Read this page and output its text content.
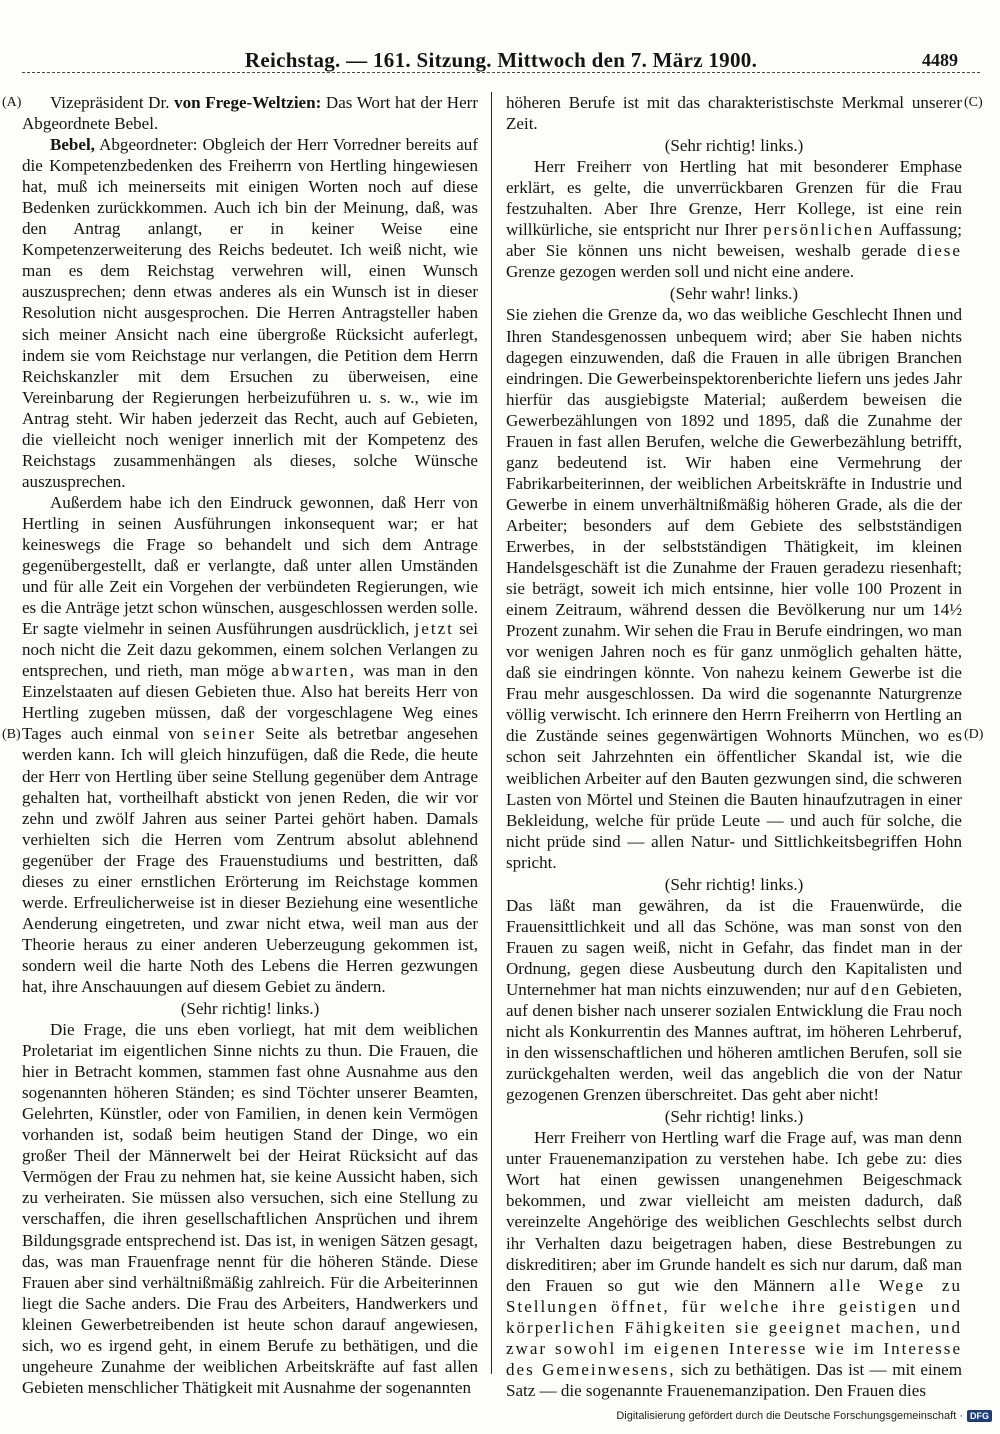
Reichstag. — 161. Sitzung. Mittwoch den 7. März 1900.	4489
(A)
(B)
(C)
(D)

Vizepräsident Dr. von Frege-Weltzien: Das Wort hat der Herr Abgeordnete Bebel.

Bebel, Abgeordneter: Obgleich der Herr Vorredner bereits auf die Kompetenzbedenken des Freiherrn von Hertling hingewiesen hat, muß ich meinerseits mit einigen Worten noch auf diese Bedenken zurückkommen. Auch ich bin der Meinung, daß, was den Antrag anlangt, er in keiner Weise eine Kompetenzerweiterung des Reichs bedeutet. Ich weiß nicht, wie man es dem Reichstag verwehren will, einen Wunsch auszusprechen; denn etwas anderes als ein Wunsch ist in dieser Resolution nicht ausgesprochen. Die Herren Antragsteller haben sich meiner Ansicht nach eine übergroße Rücksicht auferlegt, indem sie vom Reichstage nur verlangen, die Petition dem Herrn Reichskanzler mit dem Ersuchen zu überweisen, eine Vereinbarung der Regierungen herbeizuführen u. s. w., wie im Antrag steht. Wir haben jederzeit das Recht, auch auf Gebieten, die vielleicht noch weniger innerlich mit der Kompetenz des Reichstags zusammenhängen als dieses, solche Wünsche auszusprechen.

Außerdem habe ich den Eindruck gewonnen, daß Herr von Hertling in seinen Ausführungen inkonsequent war; er hat keineswegs die Frage so behandelt und sich dem Antrage gegenübergestellt, daß er verlangte, daß unter allen Umständen und für alle Zeit ein Vorgehen der verbündeten Regierungen, wie es die Anträge jetzt schon wünschen, ausgeschlossen werden solle. Er sagte vielmehr in seinen Ausführungen ausdrücklich, jetzt sei noch nicht die Zeit dazu gekommen, einem solchen Verlangen zu entsprechen, und rieth, man möge abwarten, was man in den Einzelstaaten auf diesen Gebieten thue. Also hat bereits Herr von Hertling zugeben müssen, daß der vorgeschlagene Weg eines Tages auch einmal von seiner Seite als betretbar angesehen werden kann. Ich will gleich hinzufügen, daß die Rede, die heute der Herr von Hertling über seine Stellung gegenüber dem Antrage gehalten hat, vortheilhaft abstickt von jenen Reden, die wir vor zehn und zwölf Jahren aus seiner Partei gehört haben. Damals verhielten sich die Herren vom Zentrum absolut ablehnend gegenüber der Frage des Frauenstudiums und bestritten, daß dieses zu einer ernstlichen Erörterung im Reichstage kommen werde. Erfreulicherweise ist in dieser Beziehung eine wesentliche Aenderung eingetreten, und zwar nicht etwa, weil man aus der Theorie heraus zu einer anderen Ueberzeugung gekommen ist, sondern weil die harte Noth des Lebens die Herren gezwungen hat, ihre Anschauungen auf diesem Gebiet zu ändern.

(Sehr richtig! links.)

Die Frage, die uns eben vorliegt, hat mit dem weiblichen Proletariat im eigentlichen Sinne nichts zu thun. Die Frauen, die hier in Betracht kommen, stammen fast ohne Ausnahme aus den sogenannten höheren Ständen; es sind Töchter unserer Beamten, Gelehrten, Künstler, oder von Familien, in denen kein Vermögen vorhanden ist, sodaß beim heutigen Stand der Dinge, wo ein großer Theil der Männerwelt bei der Heirat Rücksicht auf das Vermögen der Frau zu nehmen hat, sie keine Aussicht haben, sich zu verheiraten. Sie müssen also versuchen, sich eine Stellung zu verschaffen, die ihren gesellschaftlichen Ansprüchen und ihrem Bildungsgrade entsprechend ist. Das ist, in wenigen Sätzen gesagt, das, was man Frauenfrage nennt für die höheren Stände. Diese Frauen aber sind verhältnißmäßig zahlreich. Für die Arbeiterinnen liegt die Sache anders. Die Frau des Arbeiters, Handwerkers und kleinen Gewerbetreibenden ist heute schon darauf angewiesen, sich, wo es irgend geht, in einem Berufe zu bethätigen, und die ungeheure Zunahme der weiblichen Arbeitskräfte auf fast allen Gebieten menschlicher Thätigkeit mit Ausnahme der sogenannten

höheren Berufe ist mit das charakteristischste Merkmal unserer Zeit.

(Sehr richtig! links.)

Herr Freiherr von Hertling hat mit besonderer Emphase erklärt, es gelte, die unverrückbaren Grenzen für die Frau festzuhalten. Aber Ihre Grenze, Herr Kollege, ist eine rein willkürliche, sie entspricht nur Ihrer persönlichen Auffassung; aber Sie können uns nicht beweisen, weshalb gerade diese Grenze gezogen werden soll und nicht eine andere.

(Sehr wahr! links.)

Sie ziehen die Grenze da, wo das weibliche Geschlecht Ihnen und Ihren Standesgenossen unbequem wird; aber Sie haben nichts dagegen einzuwenden, daß die Frauen in alle übrigen Branchen eindringen. Die Gewerbeinspektorenberichte liefern uns jedes Jahr hierfür das ausgiebigste Material; außerdem beweisen die Gewerbezählungen von 1892 und 1895, daß die Zunahme der Frauen in fast allen Berufen, welche die Gewerbezählung betrifft, ganz bedeutend ist. Wir haben eine Vermehrung der Fabrikarbeiterinnen, der weiblichen Arbeitskräfte in Industrie und Gewerbe in einem unverhältnißmäßig höheren Grade, als die der Arbeiter; besonders auf dem Gebiete des selbstständigen Erwerbes, in der selbstständigen Thätigkeit, im kleinen Handelsgeschäft ist die Zunahme der Frauen geradezu riesenhaft; sie beträgt, soweit ich mich entsinne, hier volle 100 Prozent in einem Zeitraum, während dessen die Bevölkerung nur um 14½ Prozent zunahm. Wir sehen die Frau in Berufe eindringen, wo man vor wenigen Jahren noch es für ganz unmöglich gehalten hätte, daß sie eindringen könnte. Von nahezu keinem Gewerbe ist die Frau mehr ausgeschlossen. Da wird die sogenannte Naturgrenze völlig verwischt. Ich erinnere den Herrn Freiherrn von Hertling an die Zustände seines gegenwärtigen Wohnorts München, wo es schon seit Jahrzehnten ein öffentlicher Skandal ist, wie die weiblichen Arbeiter auf den Bauten gezwungen sind, die schweren Lasten von Mörtel und Steinen die Bauten hinaufzutragen in einer Bekleidung, welche für prüde Leute — und auch für solche, die nicht prüde sind — allen Natur- und Sittlichkeitsbegriffen Hohn spricht.

(Sehr richtig! links.)

Das läßt man gewähren, da ist die Frauenwürde, die Frauensittlichkeit und all das Schöne, was man sonst von den Frauen zu sagen weiß, nicht in Gefahr, das findet man in der Ordnung, gegen diese Ausbeutung durch den Kapitalisten und Unternehmer hat man nichts einzuwenden; nur auf den Gebieten, auf denen bisher nach unserer sozialen Entwicklung die Frau noch nicht als Konkurrentin des Mannes auftrat, im höheren Lehrberuf, in den wissenschaftlichen und höheren amtlichen Berufen, soll sie zurückgehalten werden, weil das angeblich die von der Natur gezogenen Grenzen überschreitet. Das geht aber nicht!

(Sehr richtig! links.)

Herr Freiherr von Hertling warf die Frage auf, was man denn unter Frauenemanzipation zu verstehen habe. Ich gebe zu: dies Wort hat einen gewissen unangenehmen Beigeschmack bekommen, und zwar vielleicht am meisten dadurch, daß vereinzelte Angehörige des weiblichen Geschlechts selbst durch ihr Verhalten dazu beigetragen haben, diese Bestrebungen zu diskreditiren; aber im Grunde handelt es sich nur darum, daß man den Frauen so gut wie den Männern alle Wege zu Stellungen öffnet, für welche ihre geistigen und körperlichen Fähigkeiten sie geeignet machen, und zwar sowohl im eigenen Interesse wie im Interesse des Gemeinwesens, sich zu bethätigen. Das ist — mit einem Satz — die sogenannte Frauenemanzipation. Den Frauen dies

Digitalisierung gefördert durch die Deutsche Forschungsgemeinschaft · DFG
